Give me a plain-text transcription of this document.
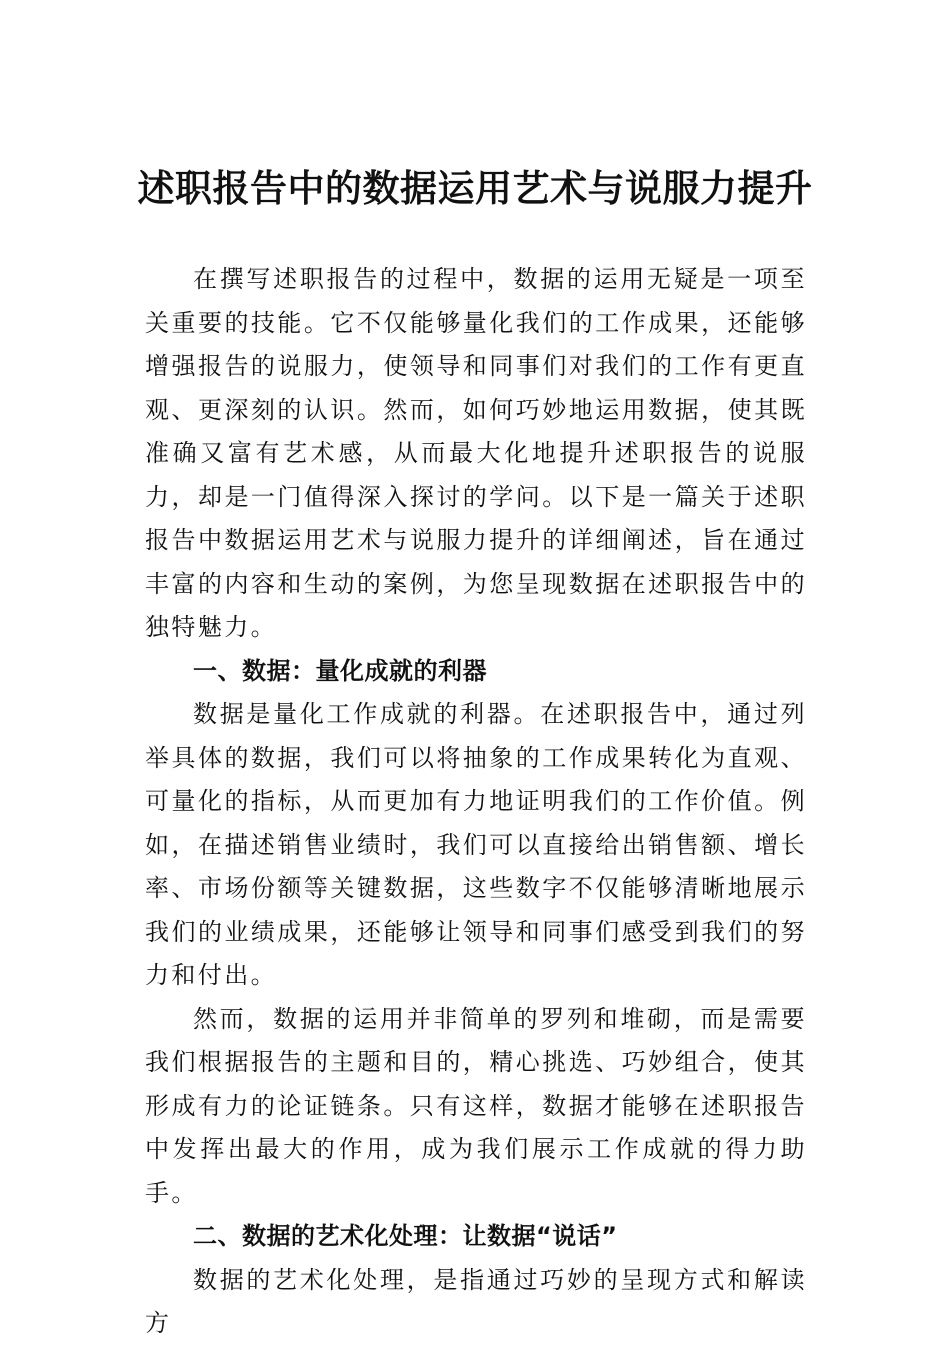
述职报告中的数据运用艺术与说服力提升

在撰写述职报告的过程中，数据的运用无疑是一项至关重要的技能。它不仅能够量化我们的工作成果，还能够增强报告的说服力，使领导和同事们对我们的工作有更直观、更深刻的认识。然而，如何巧妙地运用数据，使其既准确又富有艺术感，从而最大化地提升述职报告的说服力，却是一门值得深入探讨的学问。以下是一篇关于述职报告中数据运用艺术与说服力提升的详细阐述，旨在通过丰富的内容和生动的案例，为您呈现数据在述职报告中的独特魅力。

一、数据：量化成就的利器

数据是量化工作成就的利器。在述职报告中，通过列举具体的数据，我们可以将抽象的工作成果转化为直观、可量化的指标，从而更加有力地证明我们的工作价值。例如，在描述销售业绩时，我们可以直接给出销售额、增长率、市场份额等关键数据，这些数字不仅能够清晰地展示我们的业绩成果，还能够让领导和同事们感受到我们的努力和付出。

然而，数据的运用并非简单的罗列和堆砌，而是需要我们根据报告的主题和目的，精心挑选、巧妙组合，使其形成有力的论证链条。只有这样，数据才能够在述职报告中发挥出最大的作用，成为我们展示工作成就的得力助手。

二、数据的艺术化处理：让数据“说话”

数据的艺术化处理，是指通过巧妙的呈现方式和解读方
